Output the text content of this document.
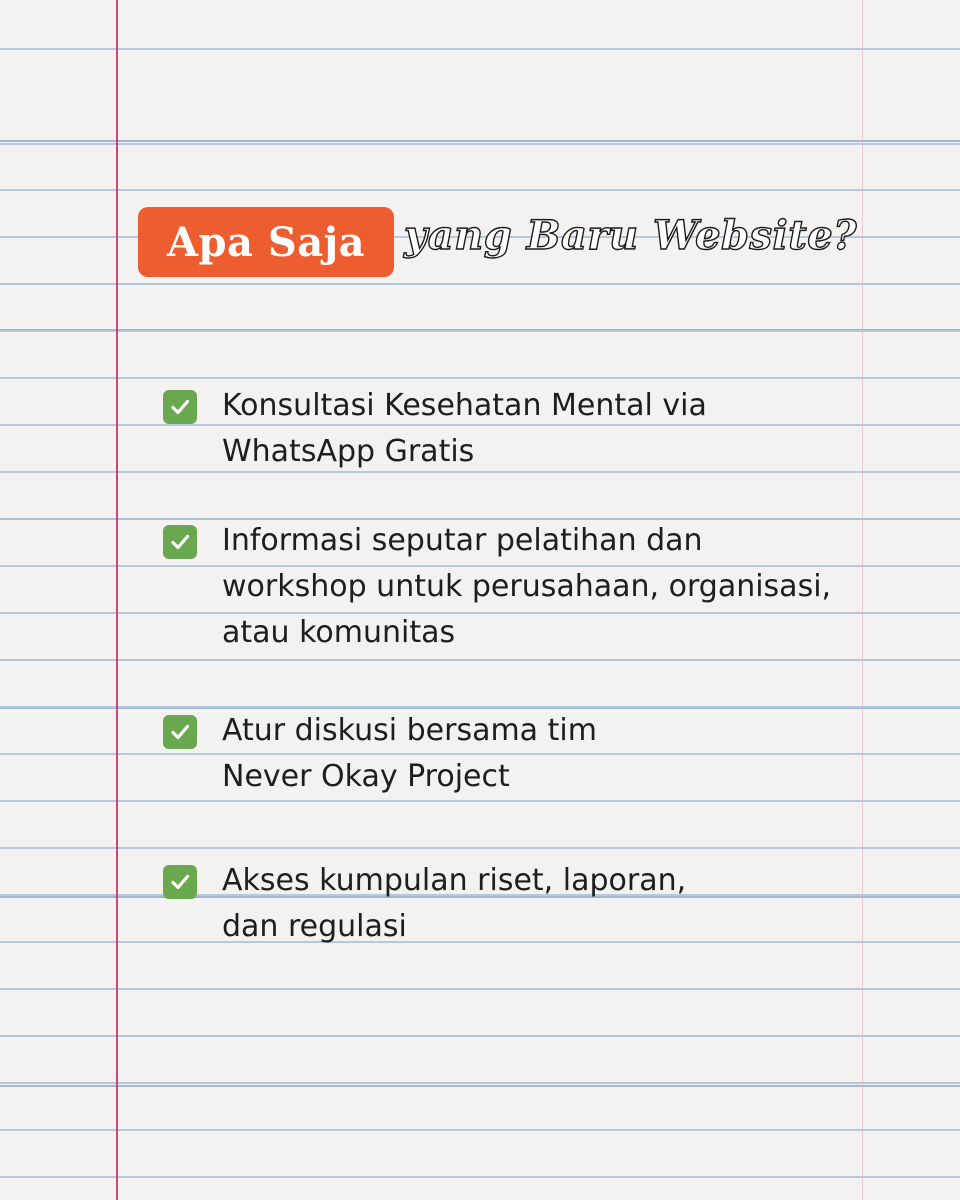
Apa Saja yang Baru Website?
Konsultasi Kesehatan Mental via
WhatsApp Gratis
Informasi seputar pelatihan dan
workshop untuk perusahaan, organisasi,
atau komunitas
Atur diskusi bersama tim
Never Okay Project
Akses kumpulan riset, laporan,
dan regulasi
